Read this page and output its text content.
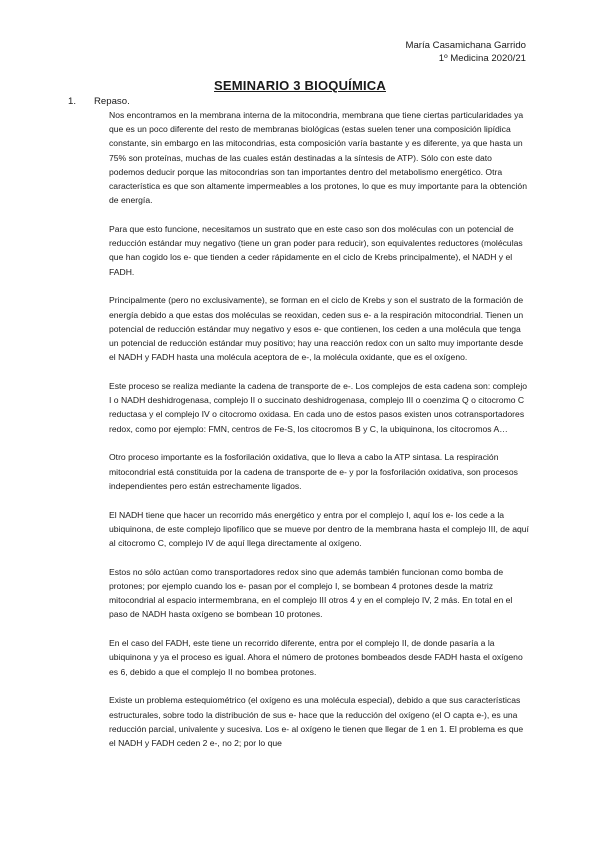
María Casamichana Garrido
1º Medicina 2020/21
SEMINARIO 3 BIOQUÍMICA
1. Repaso.

Nos encontramos en la membrana interna de la mitocondria, membrana que tiene ciertas particularidades ya que es un poco diferente del resto de membranas biológicas (estas suelen tener una composición lipídica constante, sin embargo en las mitocondrias, esta composición varía bastante y es diferente, ya que hasta un 75% son proteínas, muchas de las cuales están destinadas a la síntesis de ATP). Sólo con este dato podemos deducir porque las mitocondrias son tan importantes dentro del metabolismo energético. Otra característica es que son altamente impermeables a los protones, lo que es muy importante para la obtención de energía.

Para que esto funcione, necesitamos un sustrato que en este caso son dos moléculas con un potencial de reducción estándar muy negativo (tiene un gran poder para reducir), son equivalentes reductores (moléculas que han cogido los e- que tienden a ceder rápidamente en el ciclo de Krebs principalmente), el NADH y el FADH.

Principalmente (pero no exclusivamente), se forman en el ciclo de Krebs y son el sustrato de la formación de energía debido a que estas dos moléculas se reoxidan, ceden sus e- a la respiración mitocondrial. Tienen un potencial de reducción estándar muy negativo y esos e- que contienen, los ceden a una molécula que tenga un potencial de reducción estándar muy positivo; hay una reacción redox con un salto muy importante desde el NADH y FADH hasta una molécula aceptora de e-, la molécula oxidante, que es el oxígeno.

Este proceso se realiza mediante la cadena de transporte de e-. Los complejos de esta cadena son: complejo I o NADH deshidrogenasa, complejo II o succinato deshidrogenasa, complejo III o coenzima Q o citocromo C reductasa y el complejo IV o citocromo oxidasa. En cada uno de estos pasos existen unos cotransportadores redox, como por ejemplo: FMN, centros de Fe-S, los citocromos B y C, la ubiquinona, los citocromos A…

Otro proceso importante es la fosforilación oxidativa, que lo lleva a cabo la ATP sintasa. La respiración mitocondrial está constituida por la cadena de transporte de e- y por la fosforilación oxidativa, son procesos independientes pero están estrechamente ligados.

El NADH tiene que hacer un recorrido más energético y entra por el complejo I, aquí los e- los cede a la ubiquinona, de este complejo lipofílico que se mueve por dentro de la membrana hasta el complejo III, de aquí al citocromo C, complejo IV de aquí llega directamente al oxígeno.

Estos no sólo actúan como transportadores redox sino que además también funcionan como bomba de protones; por ejemplo cuando los e- pasan por el complejo I, se bombean 4 protones desde la matriz mitocondrial al espacio intermembrana, en el complejo III otros 4 y en el complejo IV, 2 más. En total en el paso de NADH hasta oxígeno se bombean 10 protones.

En el caso del FADH, este tiene un recorrido diferente, entra por el complejo II, de donde pasaría a la ubiquinona y ya el proceso es igual. Ahora el número de protones bombeados desde FADH hasta el oxígeno es 6, debido a que el complejo II no bombea protones.

Existe un problema estequiométrico (el oxígeno es una molécula especial), debido a que sus características estructurales, sobre todo la distribución de sus e- hace que la reducción del oxígeno (el O capta e-), es una reducción parcial, univalente y sucesiva. Los e- al oxígeno le tienen que llegar de 1 en 1. El problema es que el NADH y FADH ceden 2 e-, no 2; por lo que
